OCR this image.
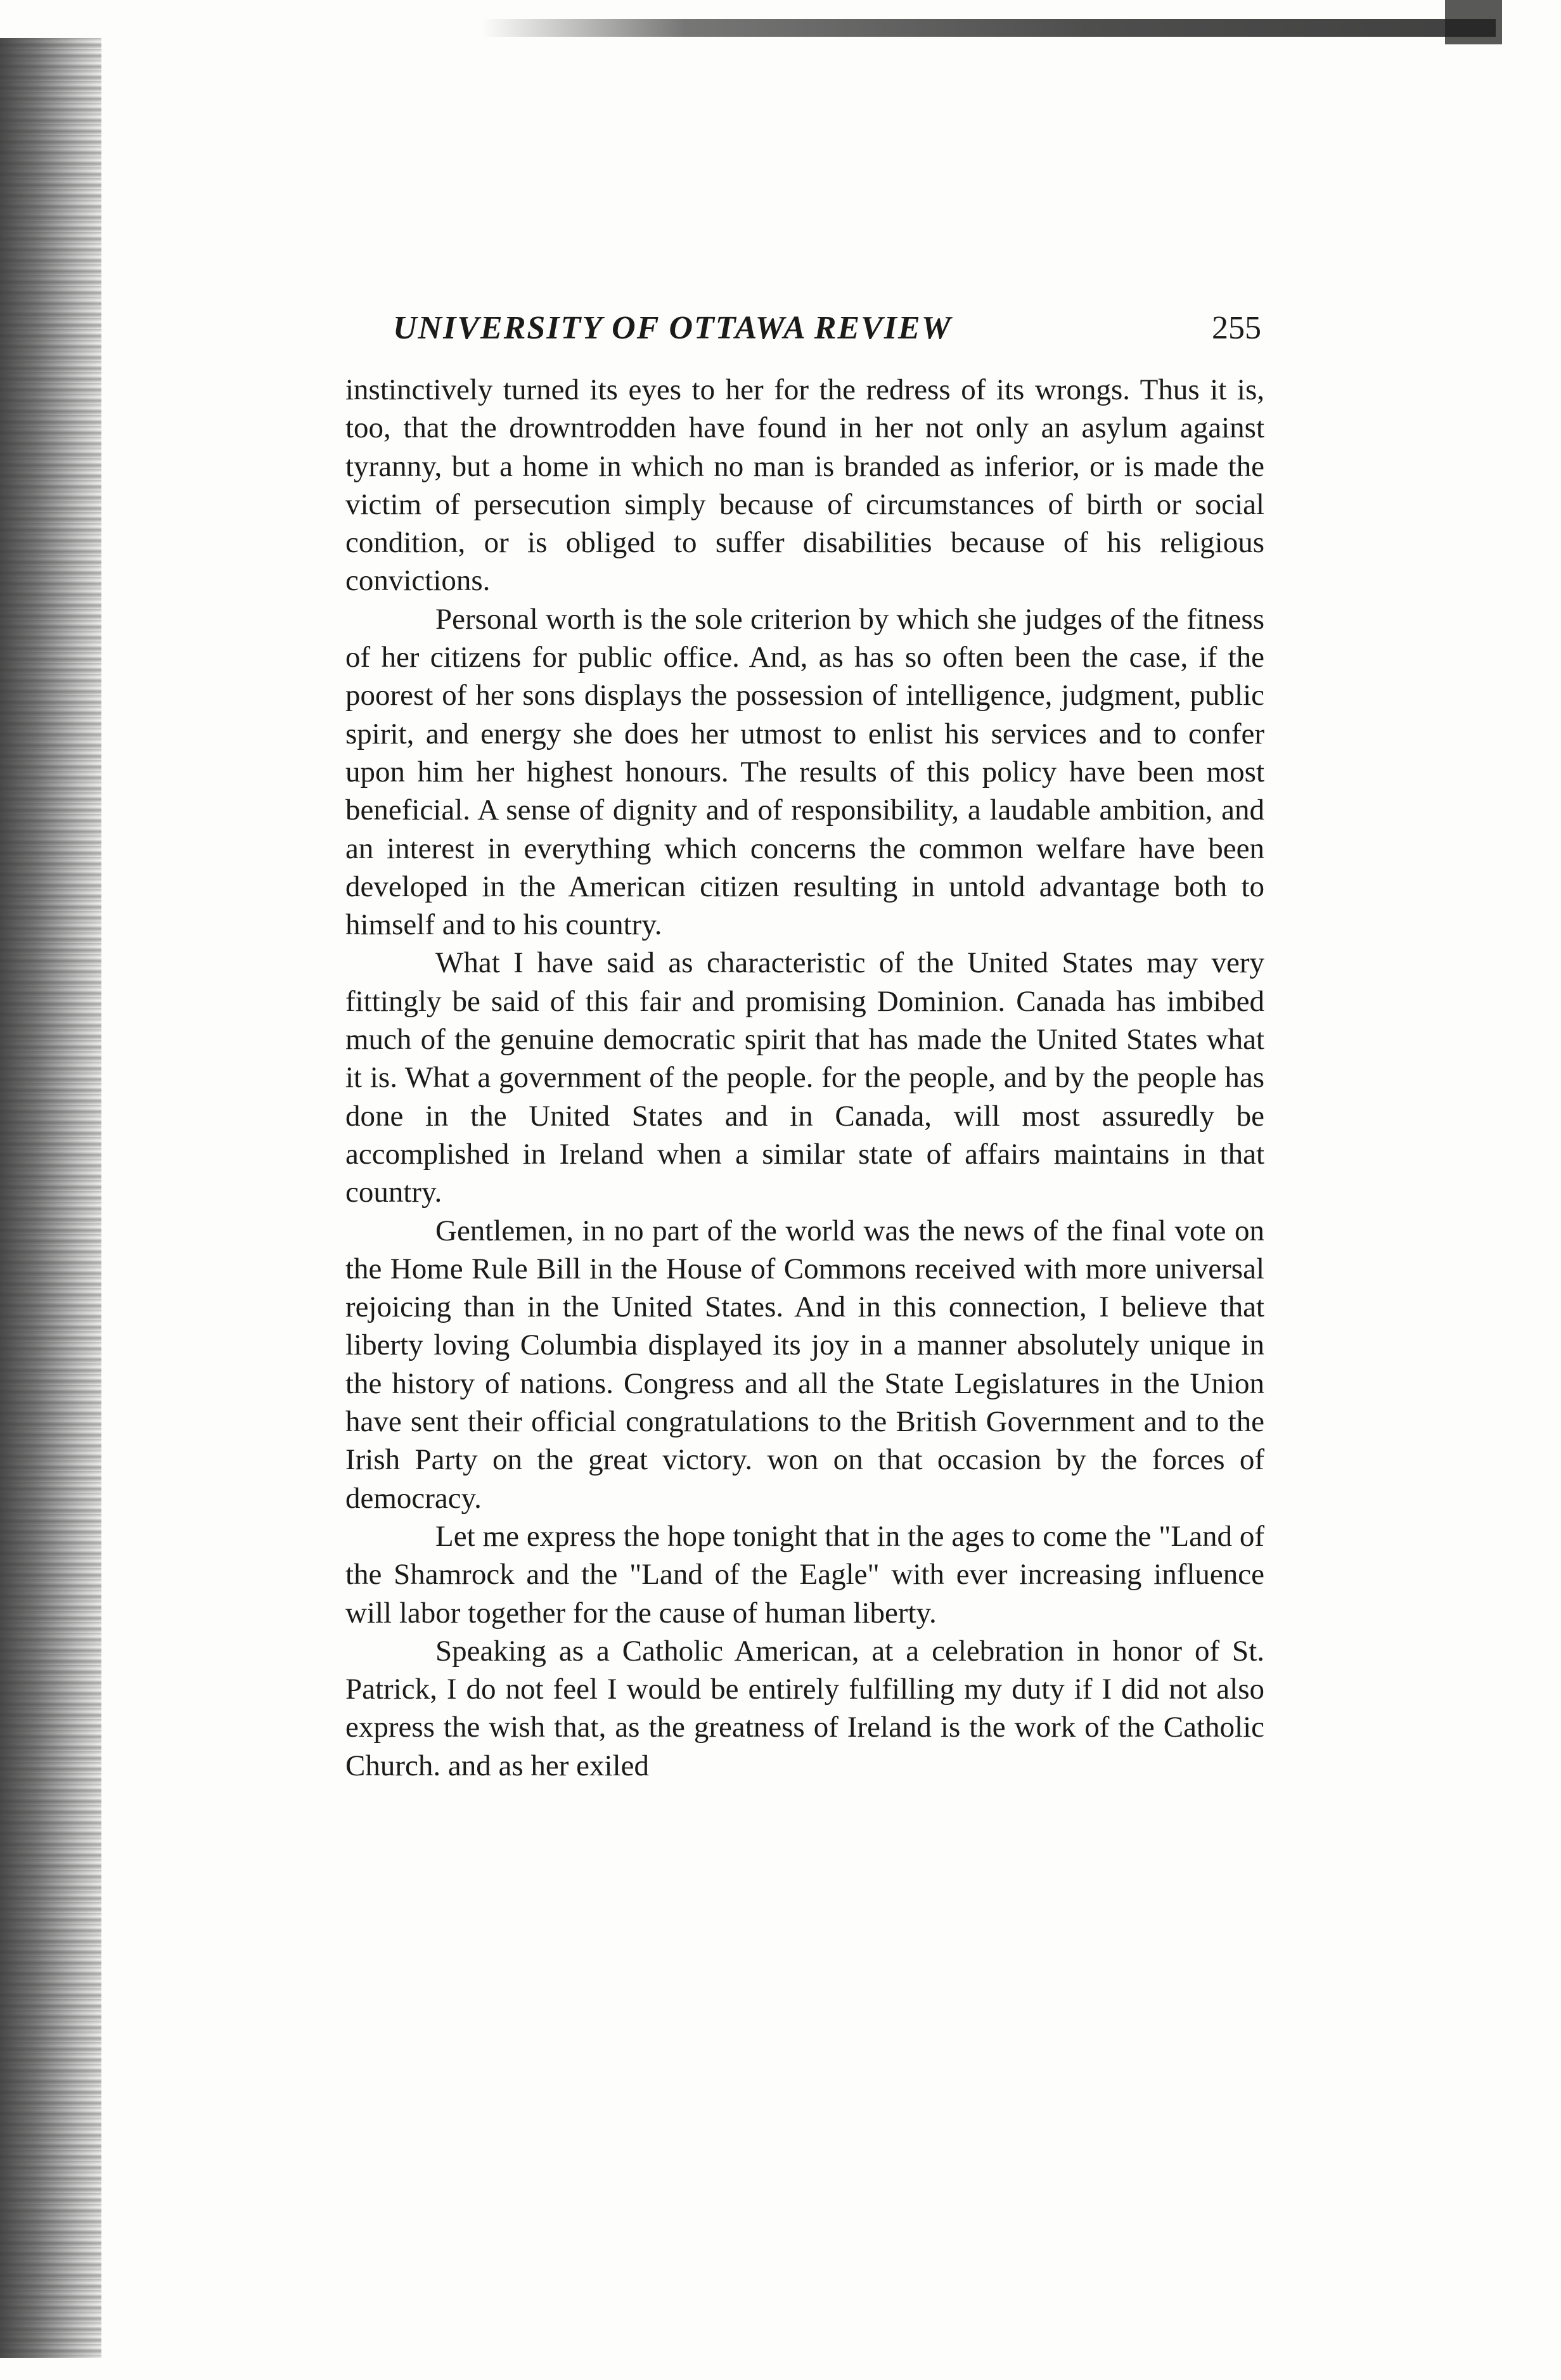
UNIVERSITY OF OTTAWA REVIEW	255

instinctively turned its eyes to her for the redress of its wrongs. Thus it is, too, that the drowntrodden have found in her not only an asylum against tyranny, but a home in which no man is branded as inferior, or is made the victim of persecution simply because of circumstances of birth or social condition, or is obliged to suffer disabilities because of his religious convictions.

Personal worth is the sole criterion by which she judges of the fitness of her citizens for public office. And, as has so often been the case, if the poorest of her sons displays the possession of intelligence, judgment, public spirit, and energy she does her utmost to enlist his services and to confer upon him her highest honours. The results of this policy have been most beneficial. A sense of dignity and of responsibility, a laudable ambition, and an interest in everything which concerns the common welfare have been developed in the American citizen resulting in untold advantage both to himself and to his country.

What I have said as characteristic of the United States may very fittingly be said of this fair and promising Dominion. Canada has imbibed much of the genuine democratic spirit that has made the United States what it is. What a government of the people. for the people, and by the people has done in the United States and in Canada, will most assuredly be accomplished in Ireland when a similar state of affairs maintains in that country.

Gentlemen, in no part of the world was the news of the final vote on the Home Rule Bill in the House of Commons received with more universal rejoicing than in the United States. And in this connection, I believe that liberty loving Columbia displayed its joy in a manner absolutely unique in the history of nations. Congress and all the State Legislatures in the Union have sent their official congratulations to the British Government and to the Irish Party on the great victory. won on that occasion by the forces of democracy.

Let me express the hope tonight that in the ages to come the "Land of the Shamrock and the "Land of the Eagle" with ever increasing influence will labor together for the cause of human liberty.

Speaking as a Catholic American, at a celebration in honor of St. Patrick, I do not feel I would be entirely fulfilling my duty if I did not also express the wish that, as the greatness of Ireland is the work of the Catholic Church. and as her exiled
